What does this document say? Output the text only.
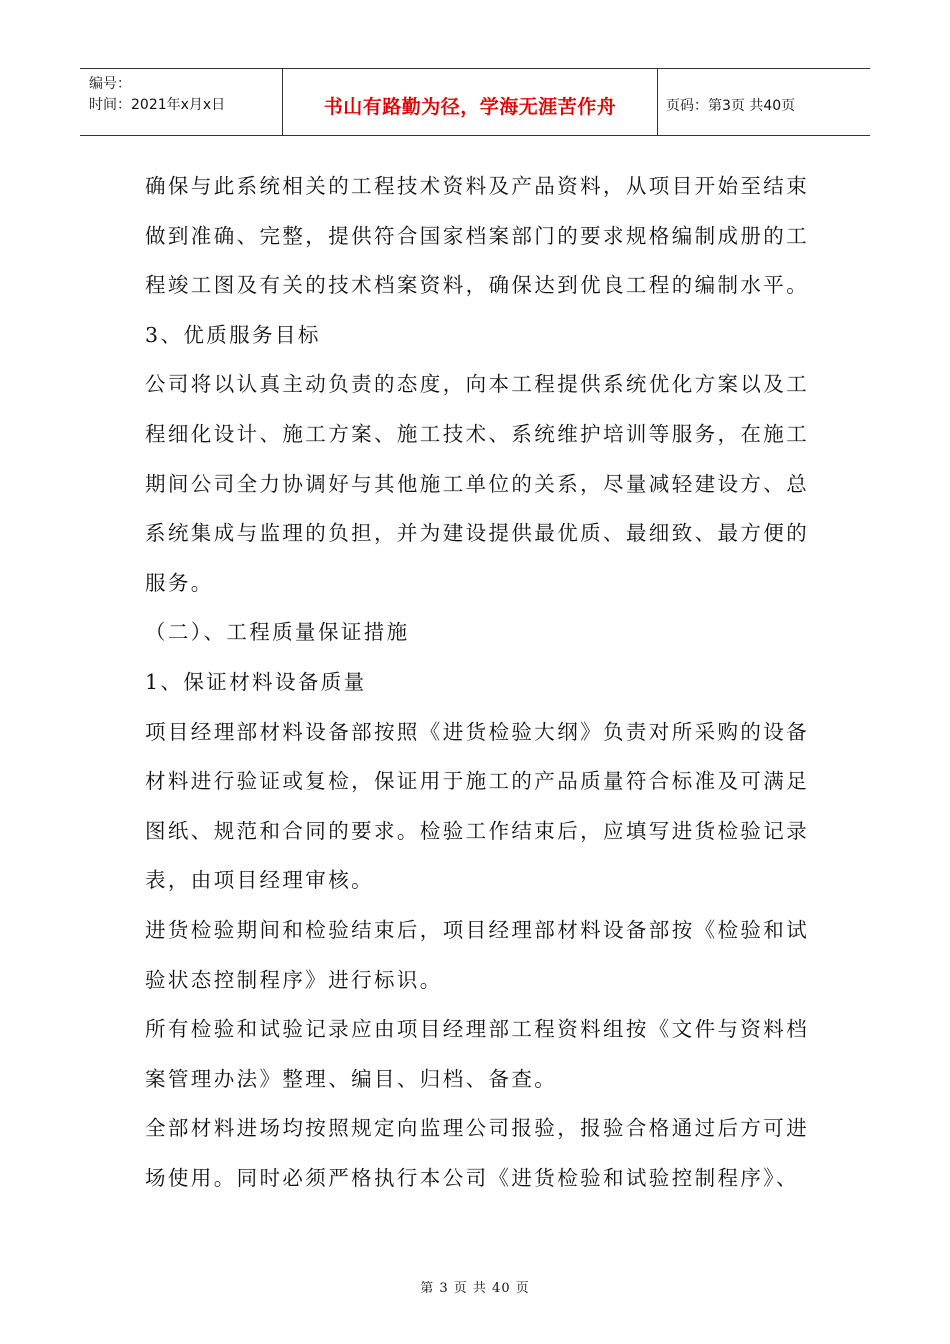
编号：
时间：2021年x月x日	书山有路勤为径，学海无涯苦作舟	页码：第3页 共40页

确保与此系统相关的工程技术资料及产品资料，从项目开始至结束做到准确、完整，提供符合国家档案部门的要求规格编制成册的工程竣工图及有关的技术档案资料，确保达到优良工程的编制水平。

3、优质服务目标

公司将以认真主动负责的态度，向本工程提供系统优化方案以及工程细化设计、施工方案、施工技术、系统维护培训等服务，在施工期间公司全力协调好与其他施工单位的关系，尽量减轻建设方、总系统集成与监理的负担，并为建设提供最优质、最细致、最方便的服务。

（二）、工程质量保证措施

1、保证材料设备质量

项目经理部材料设备部按照《进货检验大纲》负责对所采购的设备材料进行验证或复检，保证用于施工的产品质量符合标准及可满足图纸、规范和合同的要求。检验工作结束后，应填写进货检验记录表，由项目经理审核。

进货检验期间和检验结束后，项目经理部材料设备部按《检验和试验状态控制程序》进行标识。

所有检验和试验记录应由项目经理部工程资料组按《文件与资料档案管理办法》整理、编目、归档、备查。

全部材料进场均按照规定向监理公司报验，报验合格通过后方可进场使用。同时必须严格执行本公司《进货检验和试验控制程序》、

第 3 页 共 40 页
